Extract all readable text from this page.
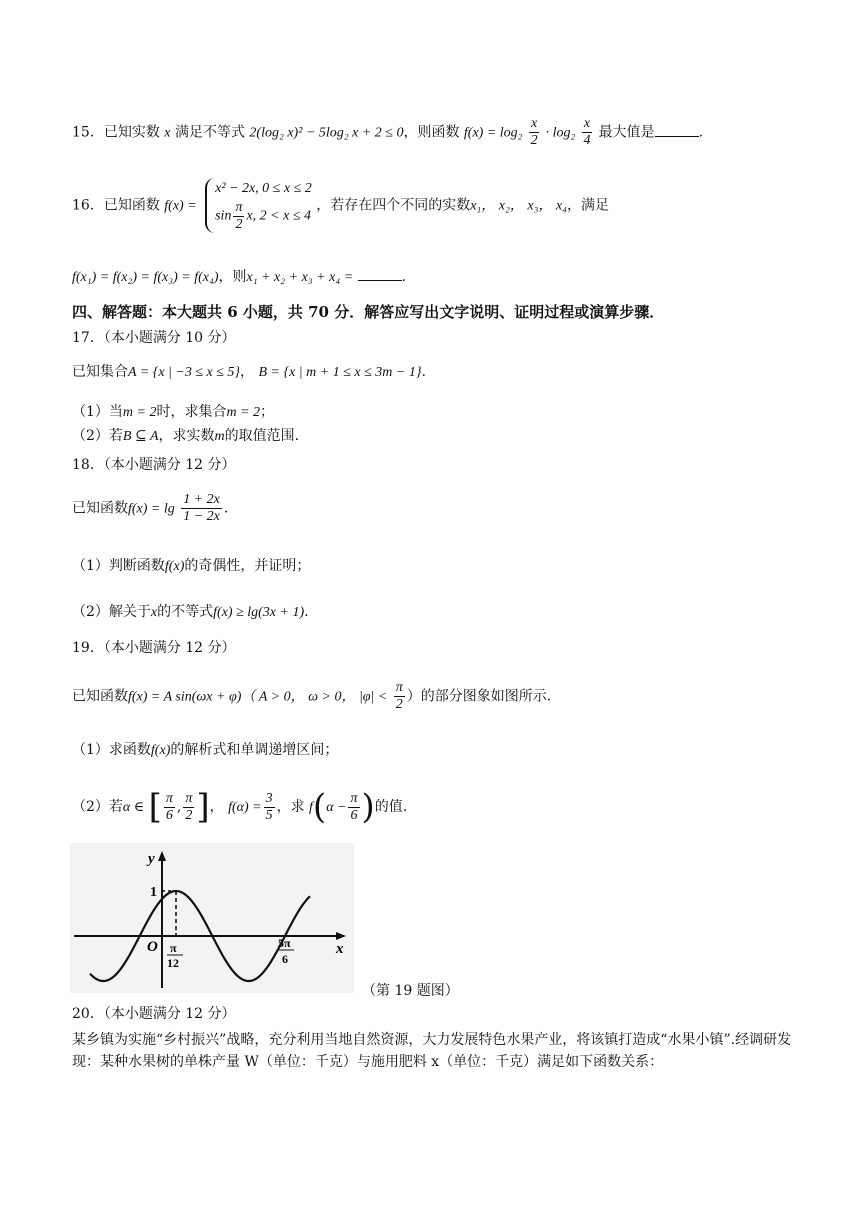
15．已知实数 x 满足不等式 2(log₂ x)² − 5log₂ x + 2 ≤ 0，则函数 $f(x) = \log_2 \frac{x}{2} \cdot \log_2 \frac{x}{4}$ 最大值是	.
16．已知函数 f(x) =
x² − 2x, 0 ≤ x ≤ 2
$\sin \frac{\pi}{2} x$, 2 < x ≤ 4
，若存在四个不同的实数x₁， x₂， x₃， x₄，满足
f(x₁) = f(x₂) = f(x₃) = f(x₄)，则x₁ + x₂ + x₃ + x₄ =	.
四、解答题：本大题共 6 小题，共 70 分．解答应写出文字说明、证明过程或演算步骤．
17．（本小题满分 10 分）
已知集合A = {x | −3 ≤ x ≤ 5}， B = {x | m + 1 ≤ x ≤ 3m − 1}.
（1）当m = 2时，求集合m = 2；
（2）若B ⊆ A，求实数m的取值范围.
18．（本小题满分 12 分）
已知函数$f(x) = \lg \frac{1 + 2x}{1 - 2x}$ .
（1）判断函数f(x)的奇偶性，并证明；
（2）解关于x的不等式f(x) ≥ lg(3x + 1).
19．（本小题满分 12 分）
已知函数f(x) = A sin(ωx + φ)（ A > 0， ω > 0， $|\varphi| < \frac{\pi}{2}$ ）的部分图象如图所示.
（1）求函数f(x)的解析式和单调递增区间；
（2）若α ∈ [ $\frac{\pi}{6}$ , $\frac{\pi}{2}$ ]， $f(\alpha) = \frac{3}{5}$ ，求 $f(\alpha - \frac{\pi}{6}$ )的值.
y
x
O
1
π
12
5π
6
（第 19 题图）
20．（本小题满分 12 分）
某乡镇为实施“乡村振兴”战略，充分利用当地自然资源，大力发展特色水果产业，将该镇打造成“水果小镇”.经调研发现：某种水果树的单株产量 W（单位：千克）与施用肥料 x（单位：千克）满足如下函数关系：
